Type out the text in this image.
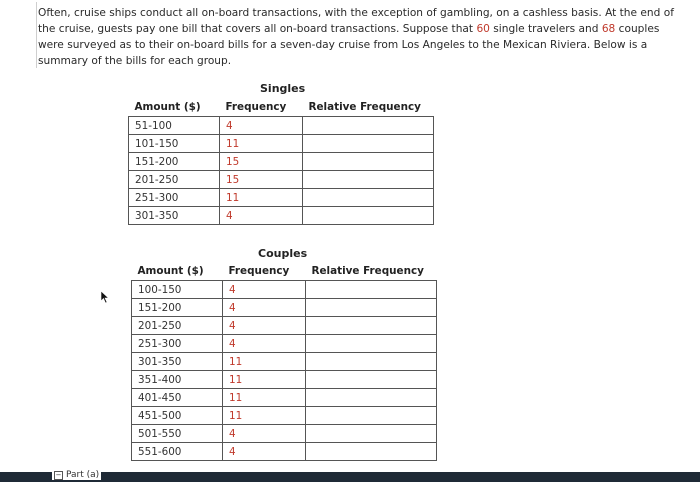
Often, cruise ships conduct all on-board transactions, with the exception of gambling, on a cashless basis. At the end of the cruise, guests pay one bill that covers all on-board transactions. Suppose that 60 single travelers and 68 couples were surveyed as to their on-board bills for a seven-day cruise from Los Angeles to the Mexican Riviera. Below is a summary of the bills for each group.
Singles
Amount ($)	Frequency	Relative Frequency
51-100	4	
101-150	11	
151-200	15	
201-250	15	
251-300	11	
301-350	4	
Couples
Amount ($)	Frequency	Relative Frequency
100-150	4	
151-200	4	
201-250	4	
251-300	4	
301-350	11	
351-400	11	
401-450	11	
451-500	11	
501-550	4	
551-600	4	
− Part (a)
